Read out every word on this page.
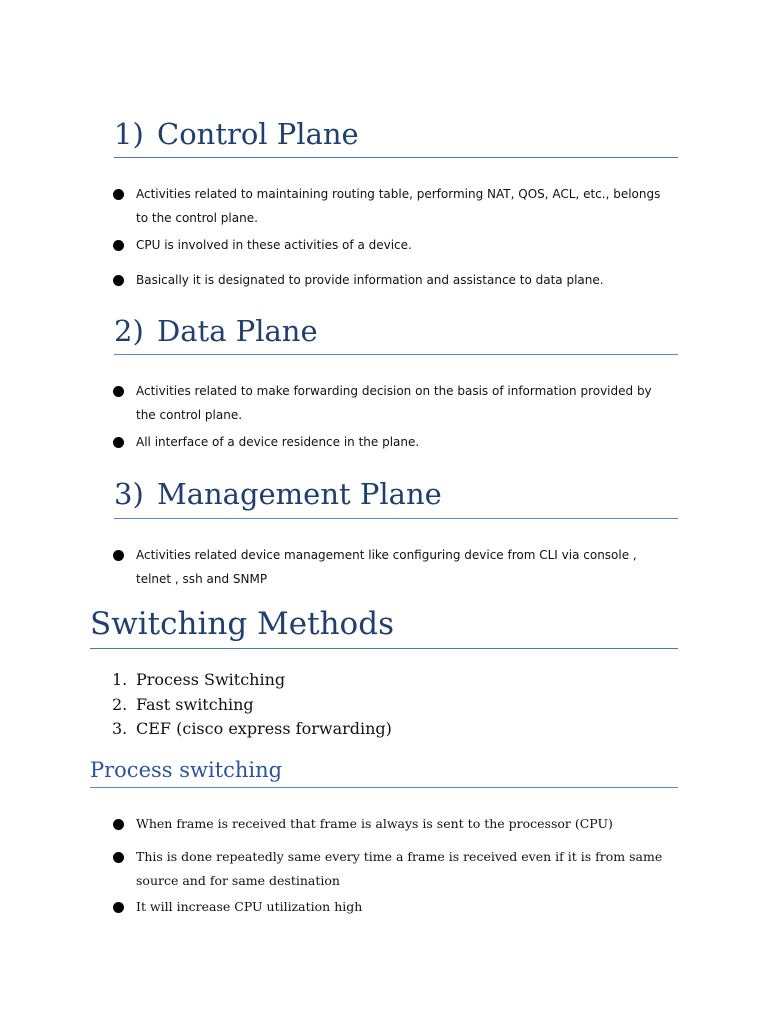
1) Control Plane
Activities related to maintaining routing table, performing NAT, QOS, ACL, etc., belongs to the control plane.
CPU is involved in these activities of a device.
Basically it is designated to provide information and assistance to data plane.
2) Data Plane
Activities related to make forwarding decision on the basis of information provided by the control plane.
All interface of a device residence in the plane.
3) Management Plane
Activities related device management like configuring device from CLI via console , telnet , ssh and SNMP
Switching Methods
1. Process Switching
2. Fast switching
3. CEF (cisco express forwarding)
Process switching
When frame is received that frame is always is sent to the processor (CPU)
This is done repeatedly same every time a frame is received even if it is from same source and for same destination
It will increase CPU utilization high
